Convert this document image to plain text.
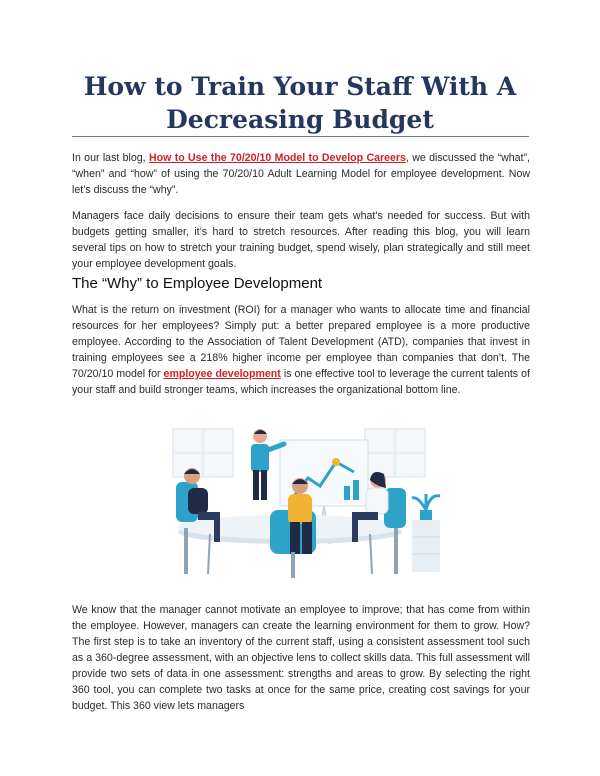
How to Train Your Staff With A Decreasing Budget

In our last blog, How to Use the 70/20/10 Model to Develop Careers, we discussed the “what”, “when” and “how” of using the 70/20/10 Adult Learning Model for employee development. Now let’s discuss the “why”.

Managers face daily decisions to ensure their team gets what’s needed for success. But with budgets getting smaller, it’s hard to stretch resources. After reading this blog, you will learn several tips on how to stretch your training budget, spend wisely, plan strategically and still meet your employee development goals.

The “Why” to Employee Development

What is the return on investment (ROI) for a manager who wants to allocate time and financial resources for her employees? Simply put: a better prepared employee is a more productive employee. According to the Association of Talent Development (ATD), companies that invest in training employees see a 218% higher income per employee than companies that don’t. The 70/20/10 model for employee development is one effective tool to leverage the current talents of your staff and build stronger teams, which increases the organizational bottom line.

We know that the manager cannot motivate an employee to improve; that has come from within the employee. However, managers can create the learning environment for them to grow. How? The first step is to take an inventory of the current staff, using a consistent assessment tool such as a 360-degree assessment, with an objective lens to collect skills data. This full assessment will provide two sets of data in one assessment: strengths and areas to grow. By selecting the right 360 tool, you can complete two tasks at once for the same price, creating cost savings for your budget. This 360 view lets managers
